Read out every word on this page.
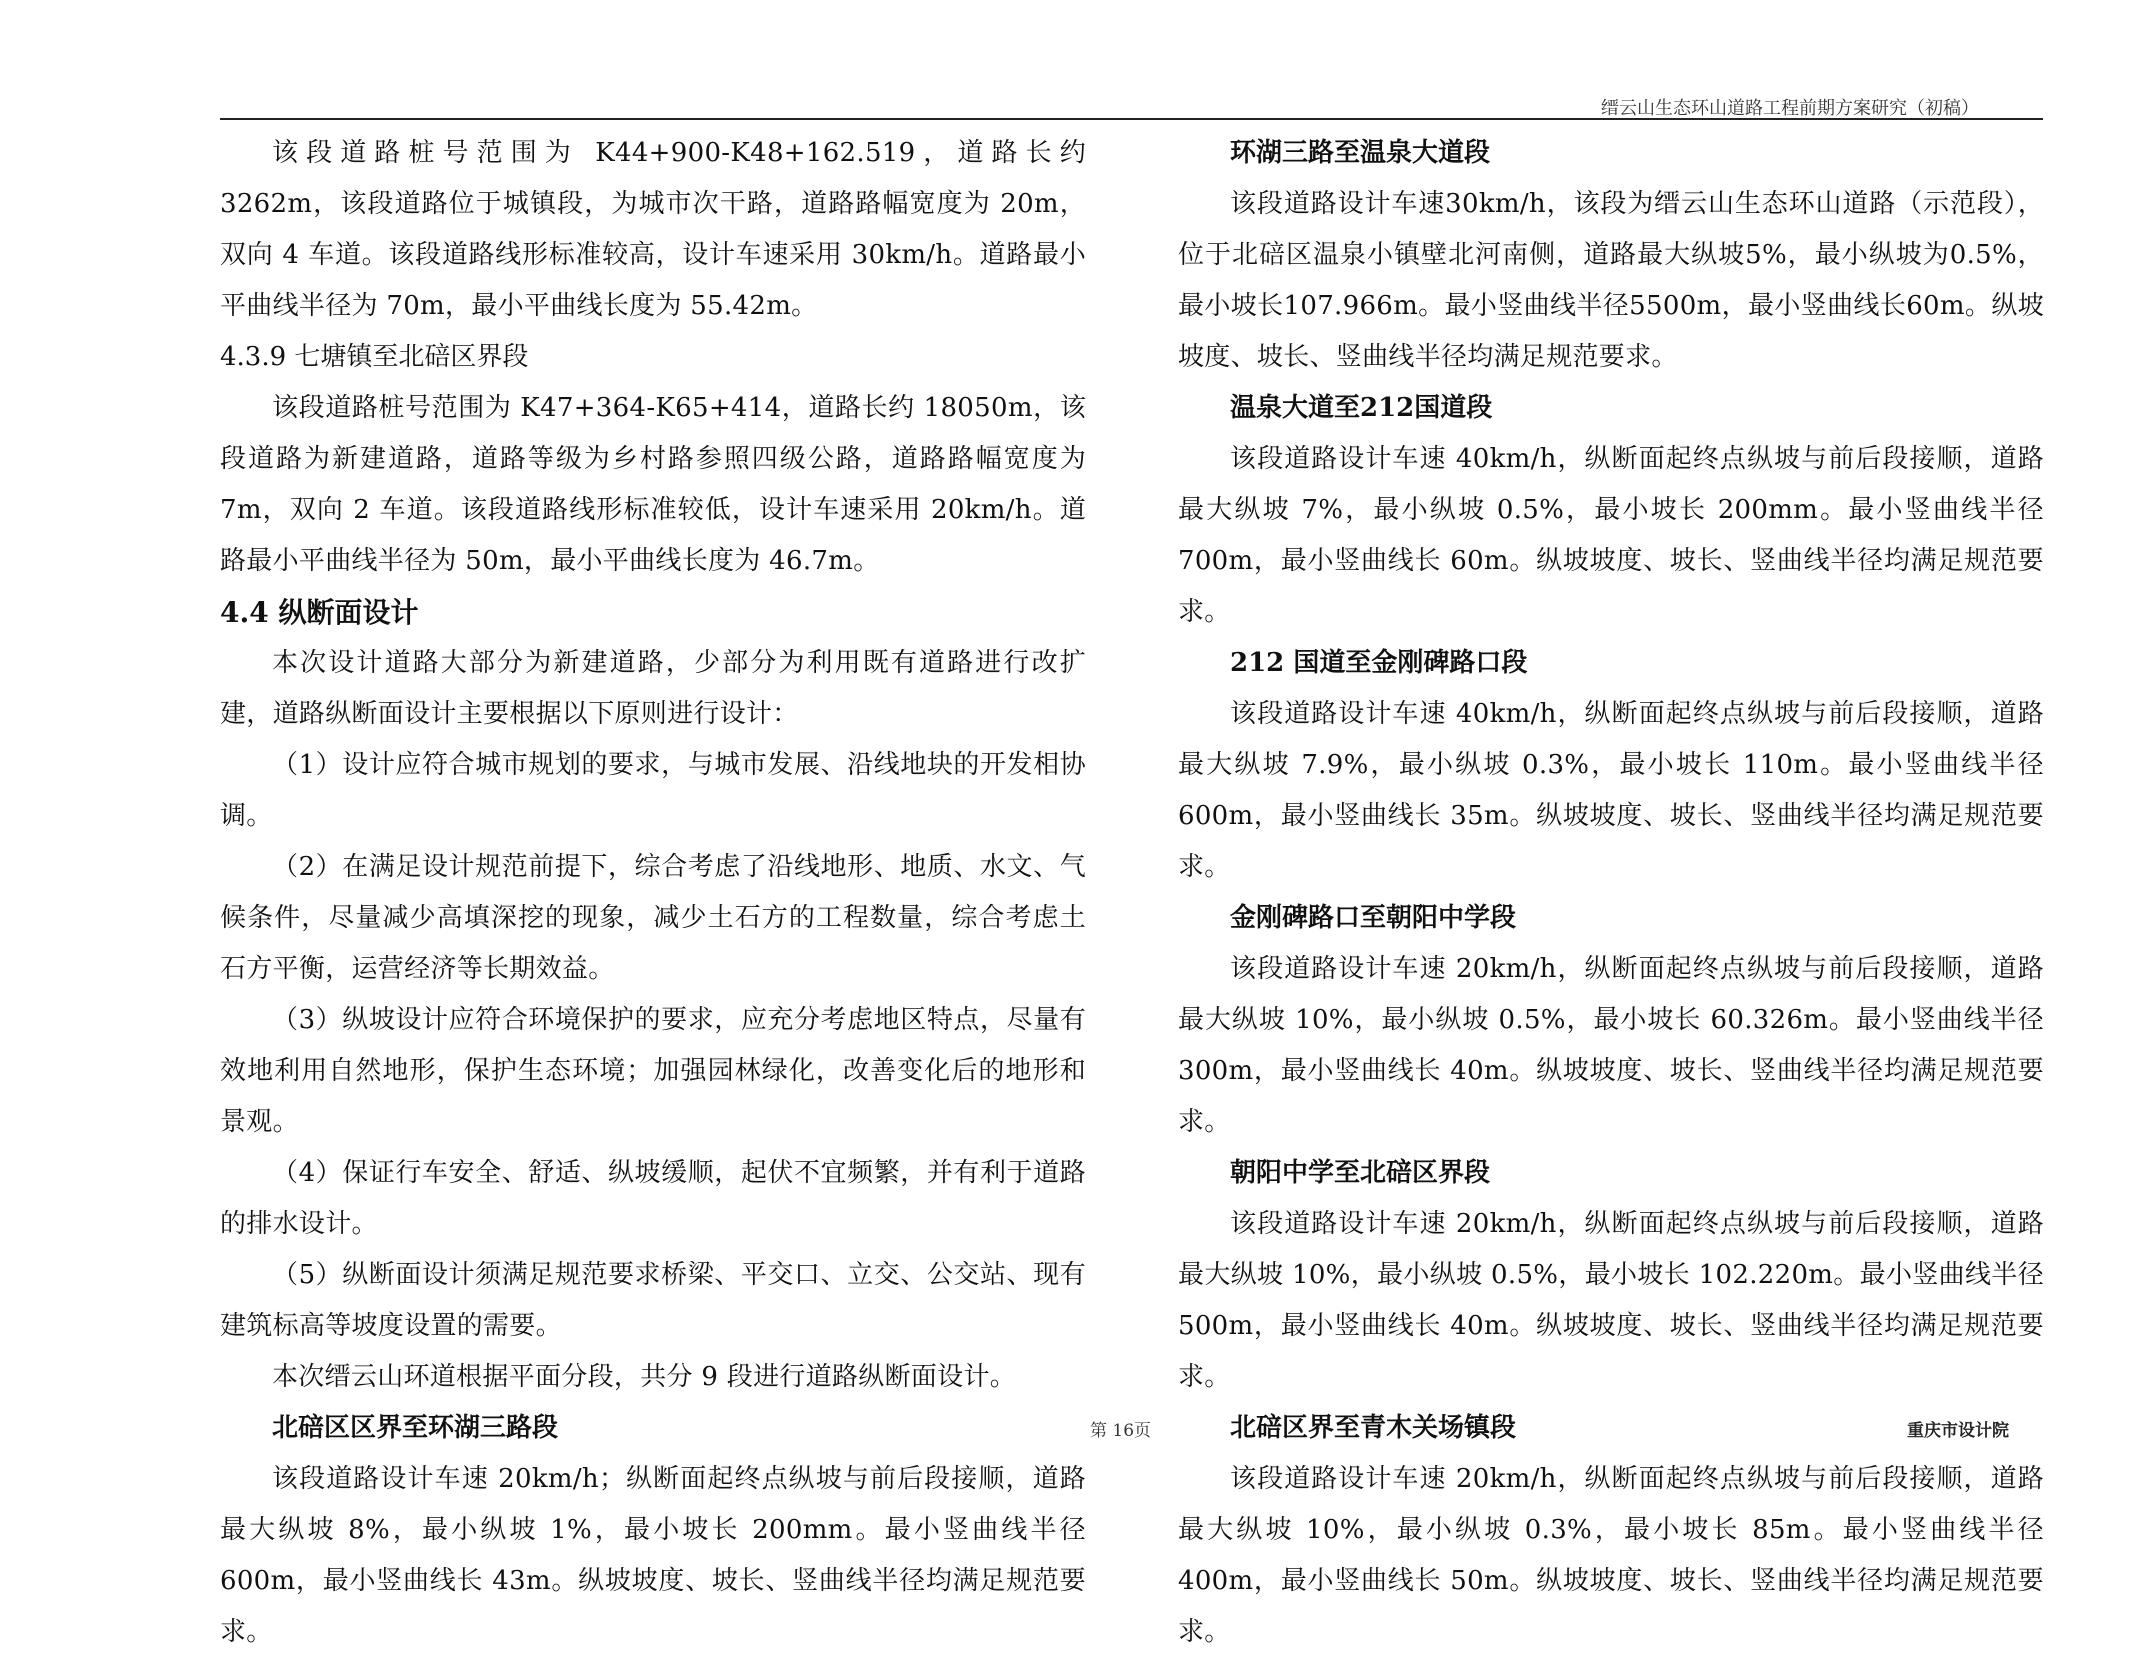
缙云山生态环山道路工程前期方案研究（初稿）

该段道路桩号范围为 K44+900-K48+162.519，道路长约 3262m，该段道路位于城镇段，为城市次干路，道路路幅宽度为 20m，双向 4 车道。该段道路线形标准较高，设计车速采用 30km/h。道路最小平曲线半径为 70m，最小平曲线长度为 55.42m。

4.3.9 七塘镇至北碚区界段

该段道路桩号范围为 K47+364-K65+414，道路长约 18050m，该段道路为新建道路，道路等级为乡村路参照四级公路，道路路幅宽度为 7m，双向 2 车道。该段道路线形标准较低，设计车速采用 20km/h。道路最小平曲线半径为 50m，最小平曲线长度为 46.7m。

4.4 纵断面设计

本次设计道路大部分为新建道路，少部分为利用既有道路进行改扩建，道路纵断面设计主要根据以下原则进行设计：

（1）设计应符合城市规划的要求，与城市发展、沿线地块的开发相协调。

（2）在满足设计规范前提下，综合考虑了沿线地形、地质、水文、气候条件，尽量减少高填深挖的现象，减少土石方的工程数量，综合考虑土石方平衡，运营经济等长期效益。

（3）纵坡设计应符合环境保护的要求，应充分考虑地区特点，尽量有效地利用自然地形，保护生态环境；加强园林绿化，改善变化后的地形和景观。

（4）保证行车安全、舒适、纵坡缓顺，起伏不宜频繁，并有利于道路的排水设计。

（5）纵断面设计须满足规范要求桥梁、平交口、立交、公交站、现有建筑标高等坡度设置的需要。

本次缙云山环道根据平面分段，共分 9 段进行道路纵断面设计。

北碚区区界至环湖三路段

该段道路设计车速 20km/h；纵断面起终点纵坡与前后段接顺，道路最大纵坡 8%，最小纵坡 1%，最小坡长 200mm。最小竖曲线半径 600m，最小竖曲线长 43m。纵坡坡度、坡长、竖曲线半径均满足规范要求。

环湖三路至温泉大道段

该段道路设计车速30km/h，该段为缙云山生态环山道路（示范段），位于北碚区温泉小镇壁北河南侧，道路最大纵坡5%，最小纵坡为0.5%，最小坡长107.966m。最小竖曲线半径5500m，最小竖曲线长60m。纵坡坡度、坡长、竖曲线半径均满足规范要求。

温泉大道至212国道段

该段道路设计车速 40km/h，纵断面起终点纵坡与前后段接顺，道路最大纵坡 7%，最小纵坡 0.5%，最小坡长 200mm。最小竖曲线半径 700m，最小竖曲线长 60m。纵坡坡度、坡长、竖曲线半径均满足规范要求。

212 国道至金刚碑路口段

该段道路设计车速 40km/h，纵断面起终点纵坡与前后段接顺，道路最大纵坡 7.9%，最小纵坡 0.3%，最小坡长 110m。最小竖曲线半径 600m，最小竖曲线长 35m。纵坡坡度、坡长、竖曲线半径均满足规范要求。

金刚碑路口至朝阳中学段

该段道路设计车速 20km/h，纵断面起终点纵坡与前后段接顺，道路最大纵坡 10%，最小纵坡 0.5%，最小坡长 60.326m。最小竖曲线半径 300m，最小竖曲线长 40m。纵坡坡度、坡长、竖曲线半径均满足规范要求。

朝阳中学至北碚区界段

该段道路设计车速 20km/h，纵断面起终点纵坡与前后段接顺，道路最大纵坡 10%，最小纵坡 0.5%，最小坡长 102.220m。最小竖曲线半径 500m，最小竖曲线长 40m。纵坡坡度、坡长、竖曲线半径均满足规范要求。

北碚区界至青木关场镇段

该段道路设计车速 20km/h，纵断面起终点纵坡与前后段接顺，道路最大纵坡 10%，最小纵坡 0.3%，最小坡长 85m。最小竖曲线半径 400m，最小竖曲线长 50m。纵坡坡度、坡长、竖曲线半径均满足规范要求。

第 16页	重庆市设计院
